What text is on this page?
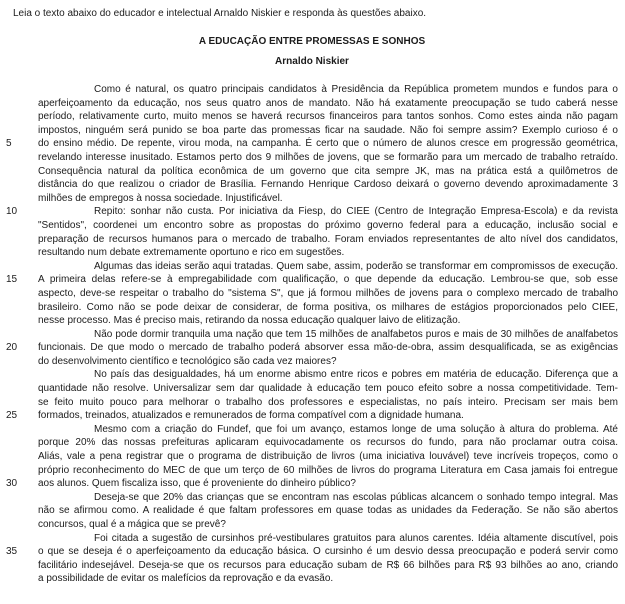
Leia o texto abaixo do educador e intelectual Arnaldo Niskier e responda às questões abaixo.

A EDUCAÇÃO ENTRE PROMESSAS E SONHOS
Arnaldo Niskier
Como é natural, os quatro principais candidatos à Presidência da República prometem mundos e fundos para o
aperfeiçoamento da educação, nos seus quatro anos de mandato. Não há exatamente preocupação se tudo caberá nesse
período, relativamente curto, muito menos se haverá recursos financeiros para tantos sonhos. Como estes ainda não pagam
impostos, ninguém será punido se boa parte das promessas ficar na saudade. Não foi sempre assim? Exemplo curioso é o
5	do ensino médio. De repente, virou moda, na campanha. É certo que o número de alunos cresce em progressão geométrica,
revelando interesse inusitado. Estamos perto dos 9 milhões de jovens, que se formarão para um mercado de trabalho retraído.
Consequência natural da política econômica de um governo que cita sempre JK, mas na prática está a quilômetros de
distância do que realizou o criador de Brasília. Fernando Henrique Cardoso deixará o governo devendo aproximadamente 3
milhões de empregos à nossa sociedade. Injustificável.
10	Repito: sonhar não custa. Por iniciativa da Fiesp, do CIEE (Centro de Integração Empresa-Escola) e da revista
"Sentidos", coordenei um encontro sobre as propostas do próximo governo federal para a educação, inclusão social e
preparação de recursos humanos para o mercado de trabalho. Foram enviados representantes de alto nível dos candidatos,
resultando num debate extremamente oportuno e rico em sugestões.
Algumas das ideias serão aqui tratadas. Quem sabe, assim, poderão se transformar em compromissos de execução.
15	A primeira delas refere-se à empregabilidade com qualificação, o que depende da educação. Lembrou-se que, sob esse
aspecto, deve-se respeitar o trabalho do "sistema S", que já formou milhões de jovens para o complexo mercado de trabalho
brasileiro. Como não se pode deixar de considerar, de forma positiva, os milhares de estágios proporcionados pelo CIEE,
nesse processo. Mas é preciso mais, retirando da nossa educação qualquer laivo de elitização.
Não pode dormir tranquila uma nação que tem 15 milhões de analfabetos puros e mais de 30 milhões de analfabetos
20	funcionais. De que modo o mercado de trabalho poderá absorver essa mão-de-obra, assim desqualificada, se as exigências
do desenvolvimento científico e tecnológico são cada vez maiores?
No país das desigualdades, há um enorme abismo entre ricos e pobres em matéria de educação. Diferença que a
quantidade não resolve. Universalizar sem dar qualidade à educação tem pouco efeito sobre a nossa competitividade. Tem-
se feito muito pouco para melhorar o trabalho dos professores e especialistas, no país inteiro. Precisam ser mais bem
25	formados, treinados, atualizados e remunerados de forma compatível com a dignidade humana.
Mesmo com a criação do Fundef, que foi um avanço, estamos longe de uma solução à altura do problema. Até
porque 20% das nossas prefeituras aplicaram equivocadamente os recursos do fundo, para não proclamar outra coisa.
Aliás, vale a pena registrar que o programa de distribuição de livros (uma iniciativa louvável) teve incríveis tropeços, como o
próprio reconhecimento do MEC de que um terço de 60 milhões de livros do programa Literatura em Casa jamais foi entregue
30	aos alunos. Quem fiscaliza isso, que é proveniente do dinheiro público?
Deseja-se que 20% das crianças que se encontram nas escolas públicas alcancem o sonhado tempo integral. Mas
não se afirmou como. A realidade é que faltam professores em quase todas as unidades da Federação. Se não são abertos
concursos, qual é a mágica que se prevê?
Foi citada a sugestão de cursinhos pré-vestibulares gratuitos para alunos carentes. Idéia altamente discutível, pois
35	o que se deseja é o aperfeiçoamento da educação básica. O cursinho é um desvio dessa preocupação e poderá servir como
facilitário indesejável. Deseja-se que os recursos para educação subam de R$ 66 bilhões para R$ 93 bilhões ao ano, criando
a possibilidade de evitar os malefícios da reprovação e da evasão.
